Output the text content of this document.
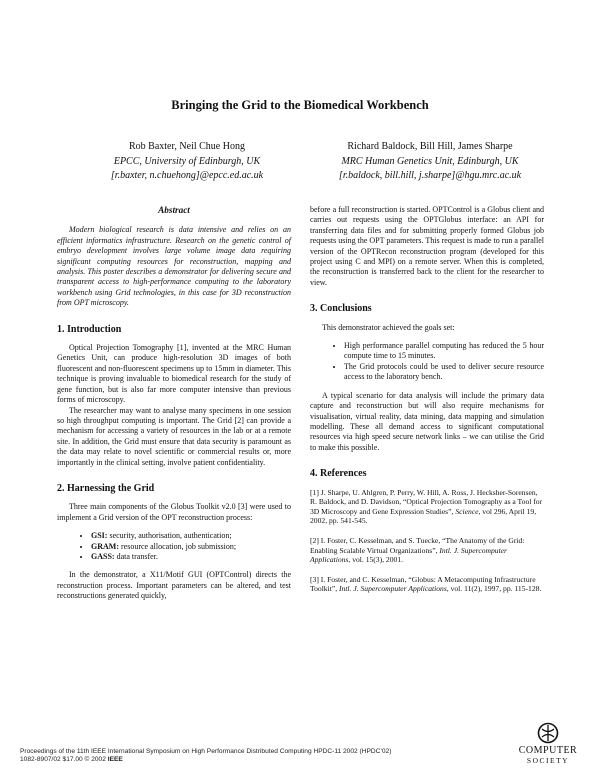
Bringing the Grid to the Biomedical Workbench
Rob Baxter, Neil Chue Hong
EPCC, University of Edinburgh, UK
[r.baxter, n.chuehong]@epcc.ed.ac.uk
Richard Baldock, Bill Hill, James Sharpe
MRC Human Genetics Unit, Edinburgh, UK
[r.baldock, bill.hill, j.sharpe]@hgu.mrc.ac.uk
Abstract

Modern biological research is data intensive and relies on an efficient informatics infrastructure. Research on the genetic control of embryo development involves large volume image data requiring significant computing resources for reconstruction, mapping and analysis. This poster describes a demonstrator for delivering secure and transparent access to high-performance computing to the laboratory workbench using Grid technologies, in this case for 3D reconstruction from OPT microscopy.

1. Introduction

Optical Projection Tomography [1], invented at the MRC Human Genetics Unit, can produce high-resolution 3D images of both fluorescent and non-fluorescent specimens up to 15mm in diameter. This technique is proving invaluable to biomedical research for the study of gene function, but is also far more computer intensive than previous forms of microscopy.

The researcher may want to analyse many specimens in one session so high throughput computing is important. The Grid [2] can provide a mechanism for accessing a variety of resources in the lab or at a remote site. In addition, the Grid must ensure that data security is paramount as the data may relate to novel scientific or commercial results or, more importantly in the clinical setting, involve patient confidentiality.

2. Harnessing the Grid

Three main components of the Globus Toolkit v2.0 [3] were used to implement a Grid version of the OPT reconstruction process:

• GSI: security, authorisation, authentication;
• GRAM: resource allocation, job submission;
• GASS: data transfer.

In the demonstrator, a X11/Motif GUI (OPTControl) directs the reconstruction process. Important parameters can be altered, and test reconstructions generated quickly,

before a full reconstruction is started. OPTControl is a Globus client and carries out requests using the OPTGlobus interface: an API for transferring data files and for submitting properly formed Globus job requests using the OPT parameters. This request is made to run a parallel version of the OPTRecon reconstruction program (developed for this project using C and MPI) on a remote server. When this is completed, the reconstruction is transferred back to the client for the researcher to view.

3. Conclusions

This demonstrator achieved the goals set:

• High performance parallel computing has reduced the 5 hour compute time to 15 minutes.
• The Grid protocols could be used to deliver secure resource access to the laboratory bench.

A typical scenario for data analysis will include the primary data capture and reconstruction but will also require mechanisms for visualisation, virtual reality, data mining, data mapping and simulation modelling. These all demand access to significant computational resources via high speed secure network links – we can utilise the Grid to make this possible.

4. References

[1] J. Sharpe, U. Ahlgren, P. Perry, W. Hill, A. Ross, J. Hecksher-Sorensen, R. Baldock, and D. Davidson, “Optical Projection Tomography as a Tool for 3D Microscopy and Gene Expression Studies”, Science, vol 296, April 19, 2002, pp. 541-545.

[2] I. Foster, C. Kesselman, and S. Tuecke, “The Anatomy of the Grid: Enabling Scalable Virtual Organizations”, Intl. J. Supercomputer Applications, vol. 15(3), 2001.

[3] I. Foster, and C. Kesselman, “Globus: A Metacomputing Infrastructure Toolkit”, Intl. J. Supercomputer Applications, vol. 11(2), 1997, pp. 115-128.

Proceedings of the 11th IEEE International Symposium on High Performance Distributed Computing HPDC-11 2002 (HPDC’02)
1082-8907/02 $17.00 © 2002 IEEE
COMPUTER
SOCIETY
